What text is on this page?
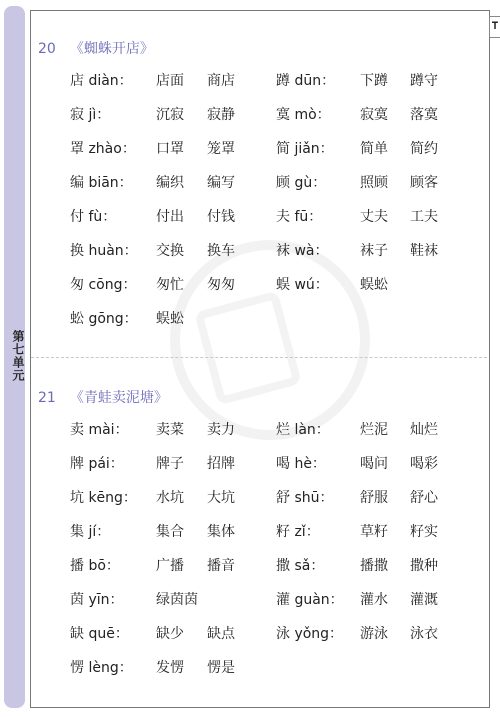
第七单元
𝐓
20 《蜘蛛开店》
店 diàn： 店面 商店	蹲 dūn： 下蹲 蹲守
寂 jì：	沉寂 寂静	寞 mò： 寂寞 落寞
罩 zhào： 口罩 笼罩	简 jiǎn： 简单 简约
编 biān： 编织 编写	顾 gù： 照顾 顾客
付 fù：	付出 付钱	夫 fū：	丈夫 工夫
换 huàn： 交换 换车	袜 wà： 袜子 鞋袜
匆 cōng： 匆忙 匆匆	蜈 wú： 蜈蚣
蚣 gōng： 蜈蚣
21 《青蛙卖泥塘》
卖 mài： 卖菜 卖力	烂 làn： 烂泥 灿烂
牌 pái： 牌子 招牌	喝 hè： 喝问 喝彩
坑 kēng： 水坑 大坑	舒 shū： 舒服 舒心
集 jí：	集合 集体	籽 zǐ：	草籽 籽实
播 bō：	广播 播音	撒 sǎ：	播撒 撒种
茵 yīn： 绿茵茵	灌 guàn： 灌水 灌溉
缺 quē： 缺少 缺点	泳 yǒng： 游泳 泳衣
愣 lèng： 发愣 愣是
